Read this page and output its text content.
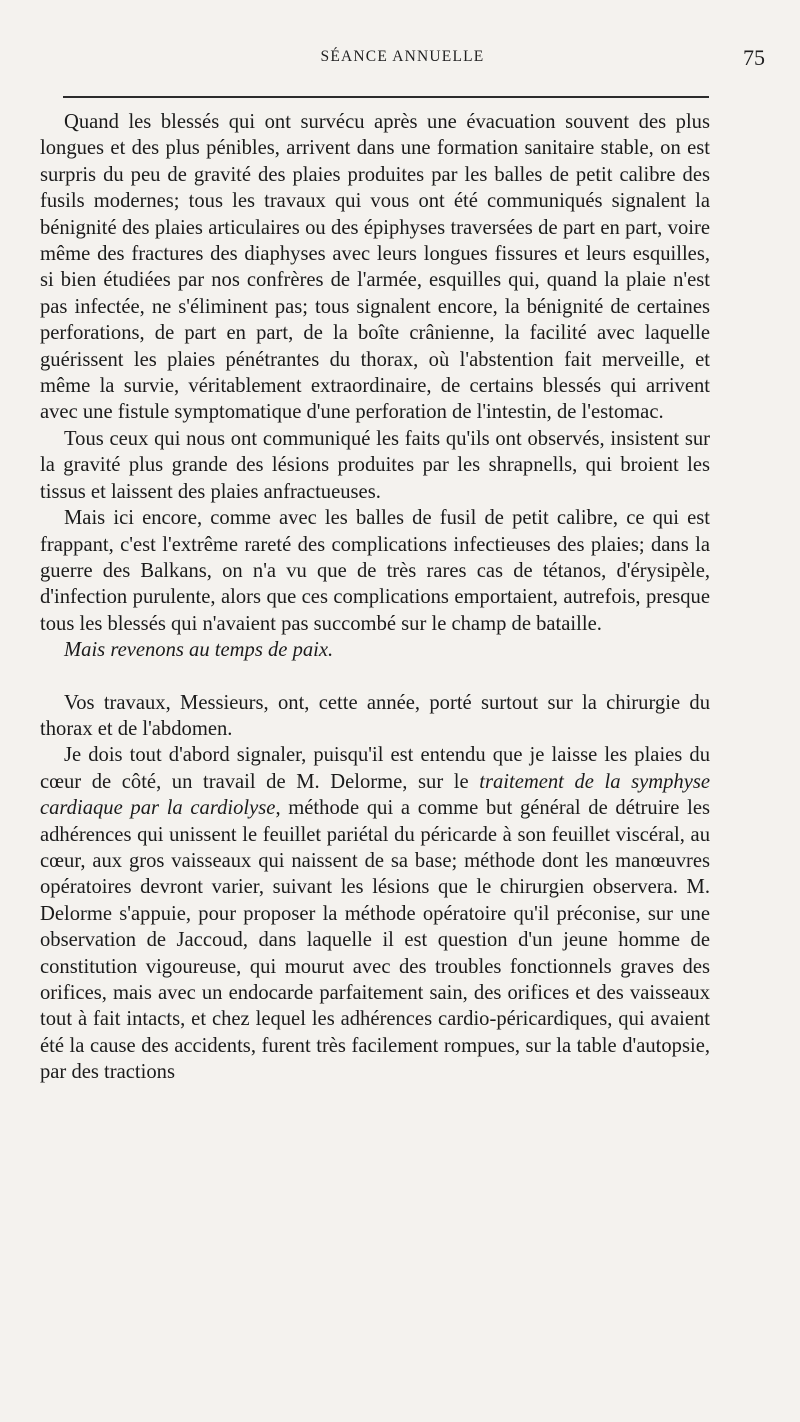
SÉANCE ANNUELLE	75

Quand les blessés qui ont survécu après une évacuation souvent des plus longues et des plus pénibles, arrivent dans une formation sanitaire stable, on est surpris du peu de gravité des plaies produites par les balles de petit calibre des fusils modernes; tous les travaux qui vous ont été communiqués signalent la bénignité des plaies articulaires ou des épiphyses traversées de part en part, voire même des fractures des diaphyses avec leurs longues fissures et leurs esquilles, si bien étudiées par nos confrères de l'armée, esquilles qui, quand la plaie n'est pas infectée, ne s'éliminent pas; tous signalent encore, la bénignité de certaines perforations, de part en part, de la boîte crânienne, la facilité avec laquelle guérissent les plaies pénétrantes du thorax, où l'abstention fait merveille, et même la survie, véritablement extraordinaire, de certains blessés qui arrivent avec une fistule symptomatique d'une perforation de l'intestin, de l'estomac.

Tous ceux qui nous ont communiqué les faits qu'ils ont observés, insistent sur la gravité plus grande des lésions produites par les shrapnells, qui broient les tissus et laissent des plaies anfractueuses.

Mais ici encore, comme avec les balles de fusil de petit calibre, ce qui est frappant, c'est l'extrême rareté des complications infectieuses des plaies; dans la guerre des Balkans, on n'a vu que de très rares cas de tétanos, d'érysipèle, d'infection purulente, alors que ces complications emportaient, autrefois, presque tous les blessés qui n'avaient pas succombé sur le champ de bataille.

Mais revenons au temps de paix.

Vos travaux, Messieurs, ont, cette année, porté surtout sur la chirurgie du thorax et de l'abdomen.

Je dois tout d'abord signaler, puisqu'il est entendu que je laisse les plaies du cœur de côté, un travail de M. Delorme, sur le traitement de la symphyse cardiaque par la cardiolyse, méthode qui a comme but général de détruire les adhérences qui unissent le feuillet pariétal du péricarde à son feuillet viscéral, au cœur, aux gros vaisseaux qui naissent de sa base; méthode dont les manœuvres opératoires devront varier, suivant les lésions que le chirurgien observera. M. Delorme s'appuie, pour proposer la méthode opératoire qu'il préconise, sur une observation de Jaccoud, dans laquelle il est question d'un jeune homme de constitution vigoureuse, qui mourut avec des troubles fonctionnels graves des orifices, mais avec un endocarde parfaitement sain, des orifices et des vaisseaux tout à fait intacts, et chez lequel les adhérences cardio-péricardiques, qui avaient été la cause des accidents, furent très facilement rompues, sur la table d'autopsie, par des tractions
